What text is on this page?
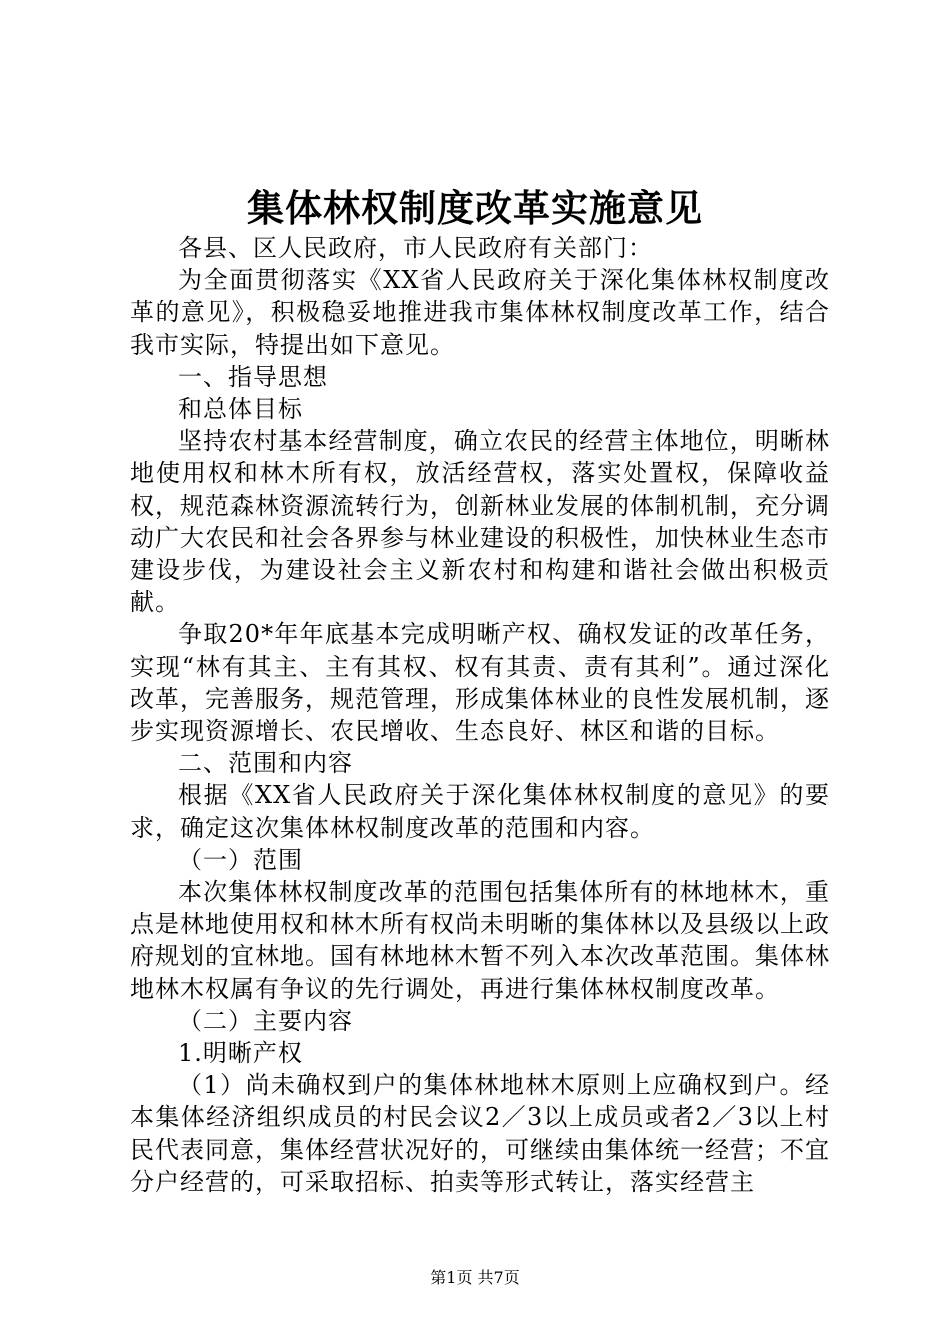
集体林权制度改革实施意见

各县、区人民政府，市人民政府有关部门：

为全面贯彻落实《XX省人民政府关于深化集体林权制度改革的意见》，积极稳妥地推进我市集体林权制度改革工作，结合我市实际，特提出如下意见。

一、指导思想

和总体目标

坚持农村基本经营制度，确立农民的经营主体地位，明晰林地使用权和林木所有权，放活经营权，落实处置权，保障收益权，规范森林资源流转行为，创新林业发展的体制机制，充分调动广大农民和社会各界参与林业建设的积极性，加快林业生态市建设步伐，为建设社会主义新农村和构建和谐社会做出积极贡献。

争取20*年年底基本完成明晰产权、确权发证的改革任务，实现“林有其主、主有其权、权有其责、责有其利”。通过深化改革，完善服务，规范管理，形成集体林业的良性发展机制，逐步实现资源增长、农民增收、生态良好、林区和谐的目标。

二、范围和内容

根据《XX省人民政府关于深化集体林权制度的意见》的要求，确定这次集体林权制度改革的范围和内容。

（一）范围

本次集体林权制度改革的范围包括集体所有的林地林木，重点是林地使用权和林木所有权尚未明晰的集体林以及县级以上政府规划的宜林地。国有林地林木暂不列入本次改革范围。集体林地林木权属有争议的先行调处，再进行集体林权制度改革。

（二）主要内容

1.明晰产权

（1）尚未确权到户的集体林地林木原则上应确权到户。经本集体经济组织成员的村民会议2／3以上成员或者2／3以上村民代表同意，集体经营状况好的，可继续由集体统一经营；不宜分户经营的，可采取招标、拍卖等形式转让，落实经营主

第1页 共7页
